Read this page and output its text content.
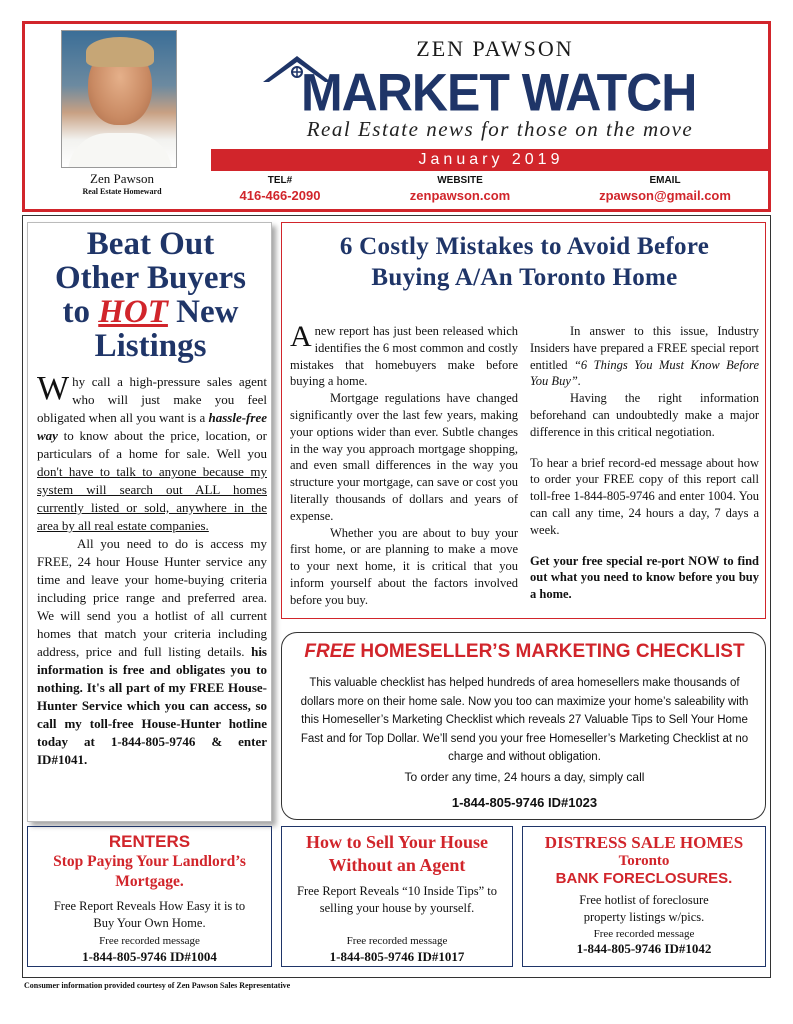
Zen Pawson
Real Estate Homeward
ZEN PAWSON
MARKET WATCH
Real Estate news for those on the move
January 2019
TEL#
416-466-2090
WEBSITE
zenpawson.com
EMAIL
zpawson@gmail.com
Beat Out
Other Buyers
to HOT New
Listings

Why call a high-pressure sales agent who will just make you feel obligated when all you want is a hassle-free way to know about the price, location, or particulars of a home for sale. Well you don't have to talk to anyone because my system will search out ALL homes currently listed or sold, anywhere in the area by all real estate companies.

All you need to do is access my FREE, 24 hour House Hunter service any time and leave your home-buying criteria including price range and preferred area. We will send you a hotlist of all current homes that match your criteria including address, price and full listing details. his information is free and obligates you to nothing. It's all part of my FREE House-Hunter Service which you can access, so call my toll-free House-Hunter hotline today at 1-844-805-9746 & enter ID#1041.

6 Costly Mistakes to Avoid Before
Buying A/An Toronto Home

Anew report has just been released which identifies the 6 most common and costly mistakes that homebuyers make before buying a home.

Mortgage regulations have changed significantly over the last few years, making your options wider than ever. Subtle changes in the way you approach mortgage shopping, and even small differences in the way you structure your mortgage, can save or cost you literally thousands of dollars and years of expense.

Whether you are about to buy your first home, or are planning to make a move to your next home, it is critical that you inform yourself about the factors involved before you buy.

In answer to this issue, Industry Insiders have prepared a FREE special report entitled “6 Things You Must Know Before You Buy”.

Having the right information beforehand can undoubtedly make a major difference in this critical negotiation.

To hear a brief record-ed message about how to order your FREE copy of this report call toll-free 1-844-805-9746 and enter 1004. You can call any time, 24 hours a day, 7 days a week.

Get your free special re-port NOW to find out what you need to know before you buy a home.

FREE HOMESELLER’S MARKETING CHECKLIST
This valuable checklist has helped hundreds of area homesellers make thousands of dollars more on their home sale. Now you too can maximize your home’s saleability with this Homeseller’s Marketing Checklist which reveals 27 Valuable Tips to Sell Your Home Fast and for Top Dollar. We’ll send you your free Homeseller’s Marketing Checklist at no charge and without obligation.
To order any time, 24 hours a day, simply call
1-844-805-9746 ID#1023
RENTERS
Stop Paying Your Landlord’s Mortgage.
Free Report Reveals How Easy it is to Buy Your Own Home.
Free recorded message
1-844-805-9746 ID#1004
How to Sell Your House Without an Agent
Free Report Reveals “10 Inside Tips” to selling your house by yourself.
Free recorded message
1-844-805-9746 ID#1017
DISTRESS SALE HOMES
Toronto
BANK FORECLOSURES.
Free hotlist of foreclosure property listings w/pics.
Free recorded message
1-844-805-9746 ID#1042
Consumer information provided courtesy of Zen Pawson Sales Representative
